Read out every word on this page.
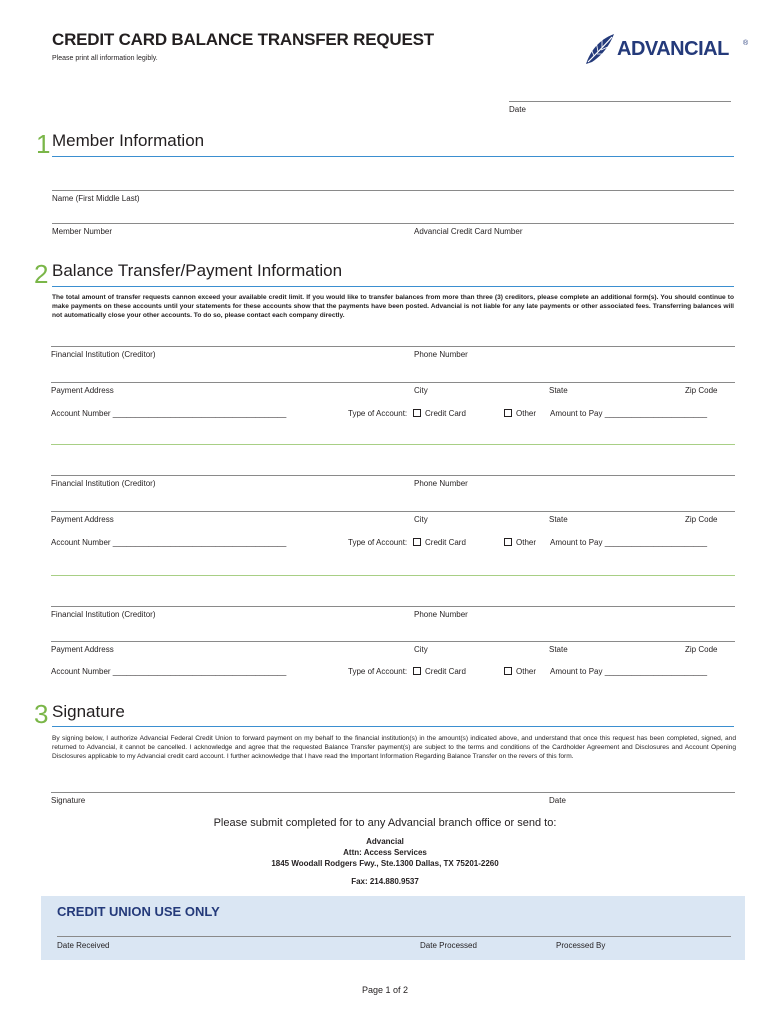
CREDIT CARD BALANCE TRANSFER REQUEST
Please print all information legibly.	ADVANCIAL ®
Date
1 Member Information
Name (First Middle Last)
Member Number	Advancial Credit Card Number
2 Balance Transfer/Payment Information
The total amount of transfer requests cannon exceed your available credit limit. If you would like to transfer balances from more than three (3) creditors, please complete an additional form(s). You should continue to make payments on these accounts until your statements for these accounts show that the payments have been posted. Advancial is not liable for any late payments or other associated fees. Transferring balances will not automatically close your other accounts. To do so, please contact each company directly.
Financial Institution (Creditor)	Phone Number
Payment Address	City	State	Zip Code
Account Number _______________________________________	Type of Account:	Credit Card	Other Amount to Pay _______________________
Financial Institution (Creditor)	Phone Number
Payment Address	City	State	Zip Code
Account Number _______________________________________	Type of Account:	Credit Card	Other Amount to Pay _______________________
Financial Institution (Creditor)	Phone Number
Payment Address	City	State	Zip Code
Account Number _______________________________________	Type of Account:	Credit Card	Other Amount to Pay _______________________
3 Signature
By signing below, I authorize Advancial Federal Credit Union to forward payment on my behalf to the financial institution(s) in the amount(s) indicated above, and understand that once this request has been completed, signed, and returned to Advancial, it cannot be cancelled. I acknowledge and agree that the requested Balance Transfer payment(s) are subject to the terms and conditions of the Cardholder Agreement and Disclosures and Account Opening Disclosures applicable to my Advancial credit card account. I further acknowledge that I have read the Important Information Regarding Balance Transfer on the revers of this form.
Signature	Date
Please submit completed for to any Advancial branch office or send to:
Advancial
Attn: Access Services
1845 Woodall Rodgers Fwy., Ste.1300 Dallas, TX 75201-2260
Fax: 214.880.9537
CREDIT UNION USE ONLY
Date Received	Date Processed	Processed By
Page 1 of 2
